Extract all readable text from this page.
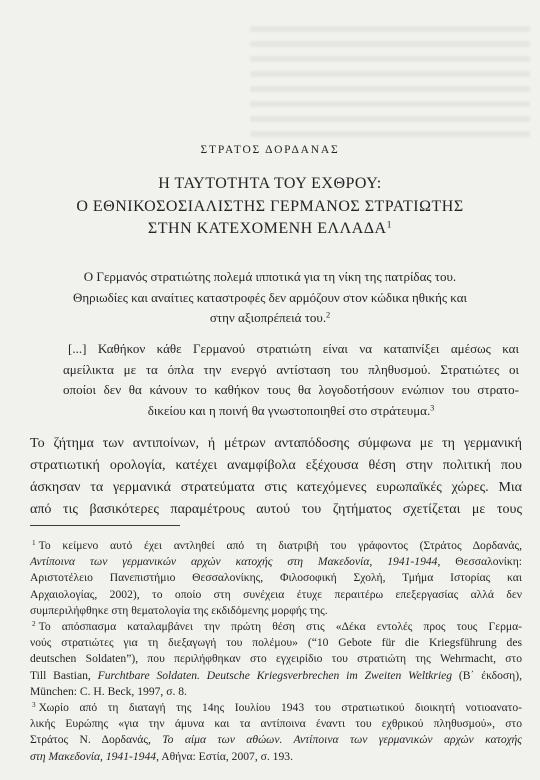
ΣΤΡΑΤΟΣ ΔΟΡΔΑΝΑΣ
Η ΤΑΥΤΟΤΗΤΑ ΤΟΥ ΕΧΘΡΟΥ:
Ο ΕΘΝΙΚΟΣΟΣΙΑΛΙΣΤΗΣ ΓΕΡΜΑΝΟΣ ΣΤΡΑΤΙΩΤΗΣ
ΣΤΗΝ ΚΑΤΕΧΟΜΕΝΗ ΕΛΛΑΔΑ$^1$
Ο Γερμανός στρατιώτης πολεμά ιπποτικά για τη νίκη της πατρίδας του.
Θηριωδίες και αναίτιες καταστροφές δεν αρμόζουν στον κώδικα ηθικής και
στην αξιοπρέπειά του.$^2$
[...] Καθήκον κάθε Γερμανού στρατιώτη είναι να καταπνίξει αμέσως και
αμείλικτα με τα όπλα την ενεργό αντίσταση του πληθυσμού. Στρατιώτες οι
οποίοι δεν θα κάνουν το καθήκον τους θα λογοδοτήσουν ενώπιον του στρατο-
δικείου και η ποινή θα γνωστοποιηθεί στο στράτευμα.$^3$
Το ζήτημα των αντιποίνων, ή μέτρων ανταπόδοσης σύμφωνα με τη γερμανική
στρατιωτική ορολογία, κατέχει αναμφίβολα εξέχουσα θέση στην πολιτική που
άσκησαν τα γερμανικά στρατεύματα στις κατεχόμενες ευρωπαϊκές χώρες. Μια
από τις βασικότερες παραμέτρους αυτού του ζητήματος σχετίζεται με τους
$^1$ Το κείμενο αυτό έχει αντληθεί από τη διατριβή του γράφοντος (Στράτος Δορδανάς,
Αντίποινα των γερμανικών αρχών κατοχής στη Μακεδονία, 1941-1944, Θεσσαλονίκη:
Αριστοτέλειο Πανεπιστήμιο Θεσσαλονίκης, Φιλοσοφική Σχολή, Τμήμα Ιστορίας και
Αρχαιολογίας, 2002), το οποίο στη συνέχεια έτυχε περαιτέρω επεξεργασίας αλλά δεν
συμπεριλήφθηκε στη θεματολογία της εκδιδόμενης μορφής της.
$^2$ Το απόσπασμα καταλαμβάνει την πρώτη θέση στις «Δέκα εντολές προς τους Γερμα-
νούς στρατιώτες για τη διεξαγωγή του πολέμου» (“10 Gebote für die Kriegsführung des
deutschen Soldaten”), που περιλήφθηκαν στο εγχειρίδιο του στρατιώτη της Wehrmacht, στο
Till Bastian, Furchtbare Soldaten. Deutsche Kriegsverbrechen im Zweiten Weltkrieg (Β΄ έκδοση),
München: C. H. Beck, 1997, σ. 8.
$^3$ Χωρίο από τη διαταγή της 14ης Ιουλίου 1943 του στρατιωτικού διοικητή νοτιοανατο-
λικής Ευρώπης «για την άμυνα και τα αντίποινα έναντι του εχθρικού πληθυσμού», στο
Στράτος Ν. Δορδανάς, Το αίμα των αθώων. Αντίποινα των γερμανικών αρχών κατοχής
στη Μακεδονία, 1941-1944, Αθήνα: Εστία, 2007, σ. 193.
